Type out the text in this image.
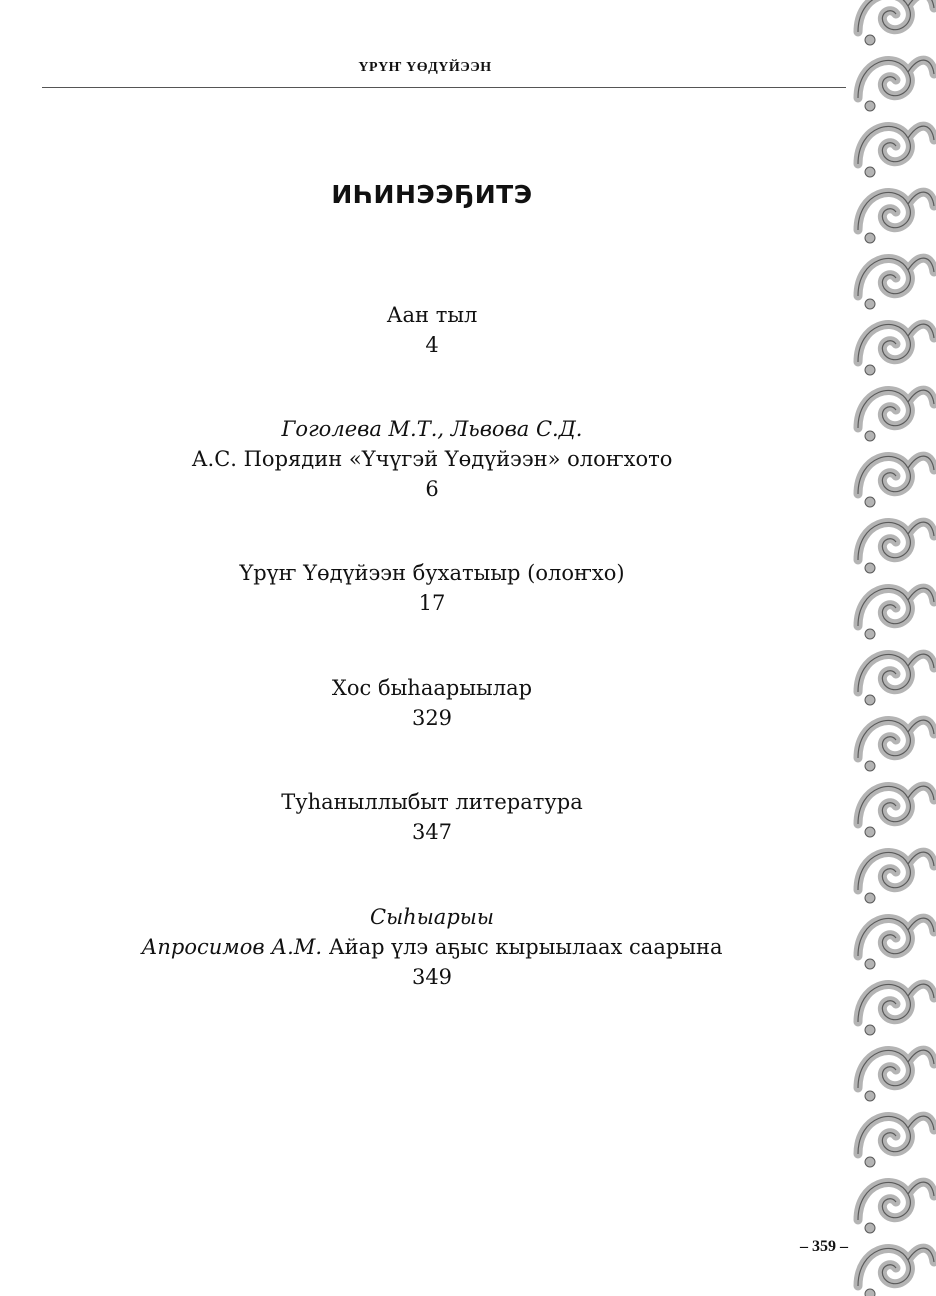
ҮРҮҤ ҮӨДҮЙЭЭН
ИҺИНЭЭҔИТЭ
Аан тыл
4
Гоголева М.Т., Львова С.Д.
А.С. Порядин «Үчүгэй Үөдүйээн» олоҥхото
6
Үрүҥ Үөдүйээн бухатыыр (олоҥхо)
17
Хос быһаарыылар
329
Туһаныллыбыт литература
347
Сыһыарыы
Апросимов А.М. Айар үлэ аҕыс кырыылаах саарына
349
– 359 –
